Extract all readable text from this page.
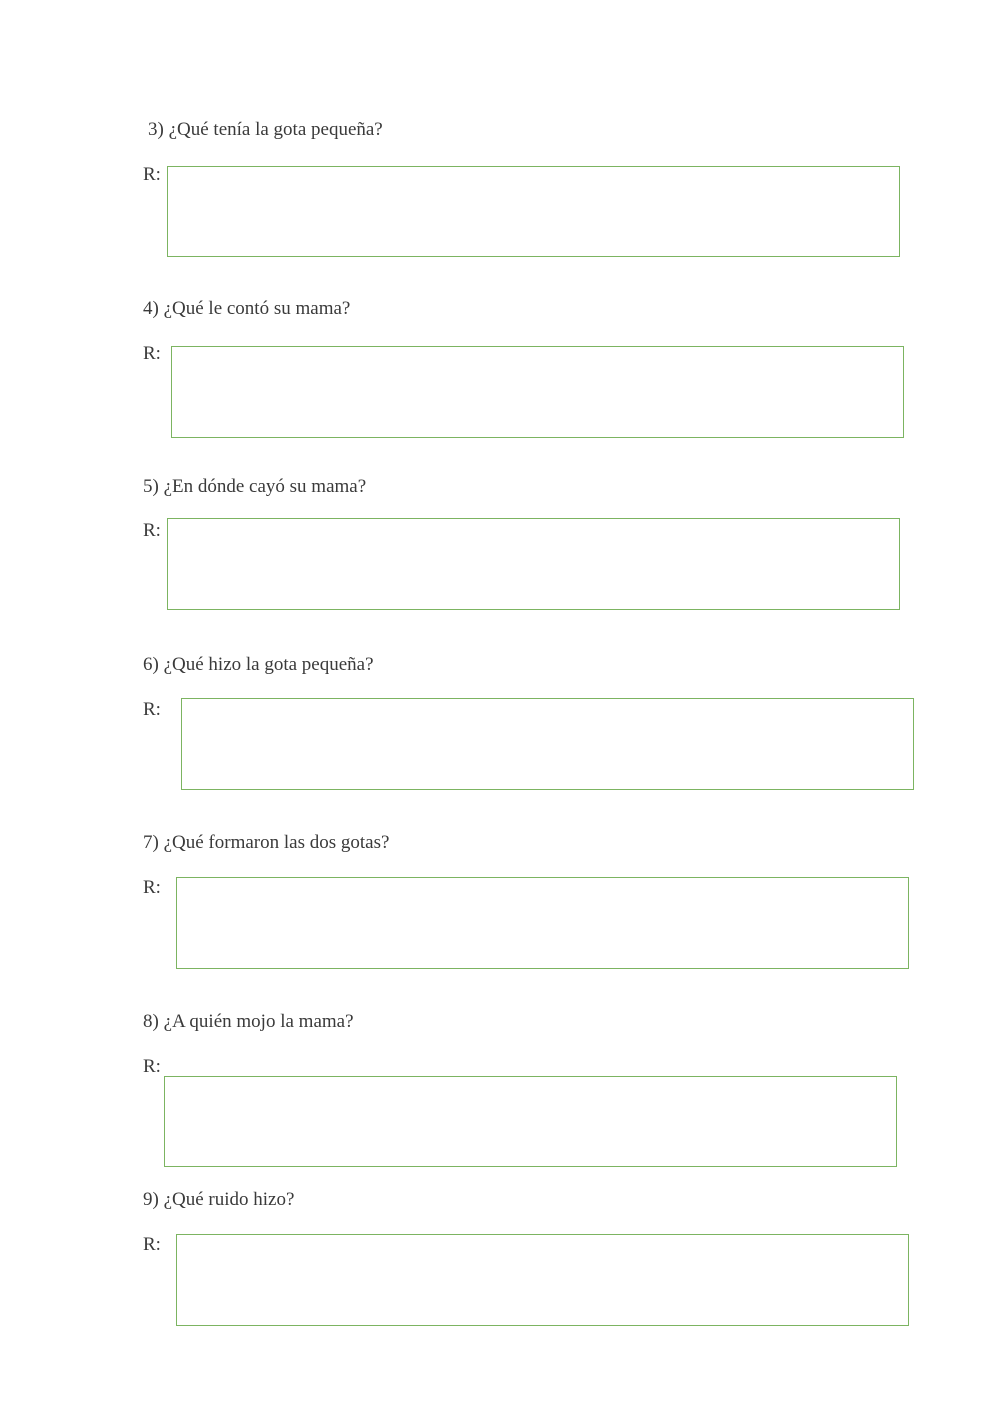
3) ¿Qué tenía la gota pequeña?
R:
4) ¿Qué le contó su mama?
R:
5) ¿En dónde cayó su mama?
R:
6) ¿Qué hizo la gota pequeña?
R:
7) ¿Qué formaron las dos gotas?
R:
8) ¿A quién mojo la mama?
R:
9) ¿Qué ruido hizo?
R:
